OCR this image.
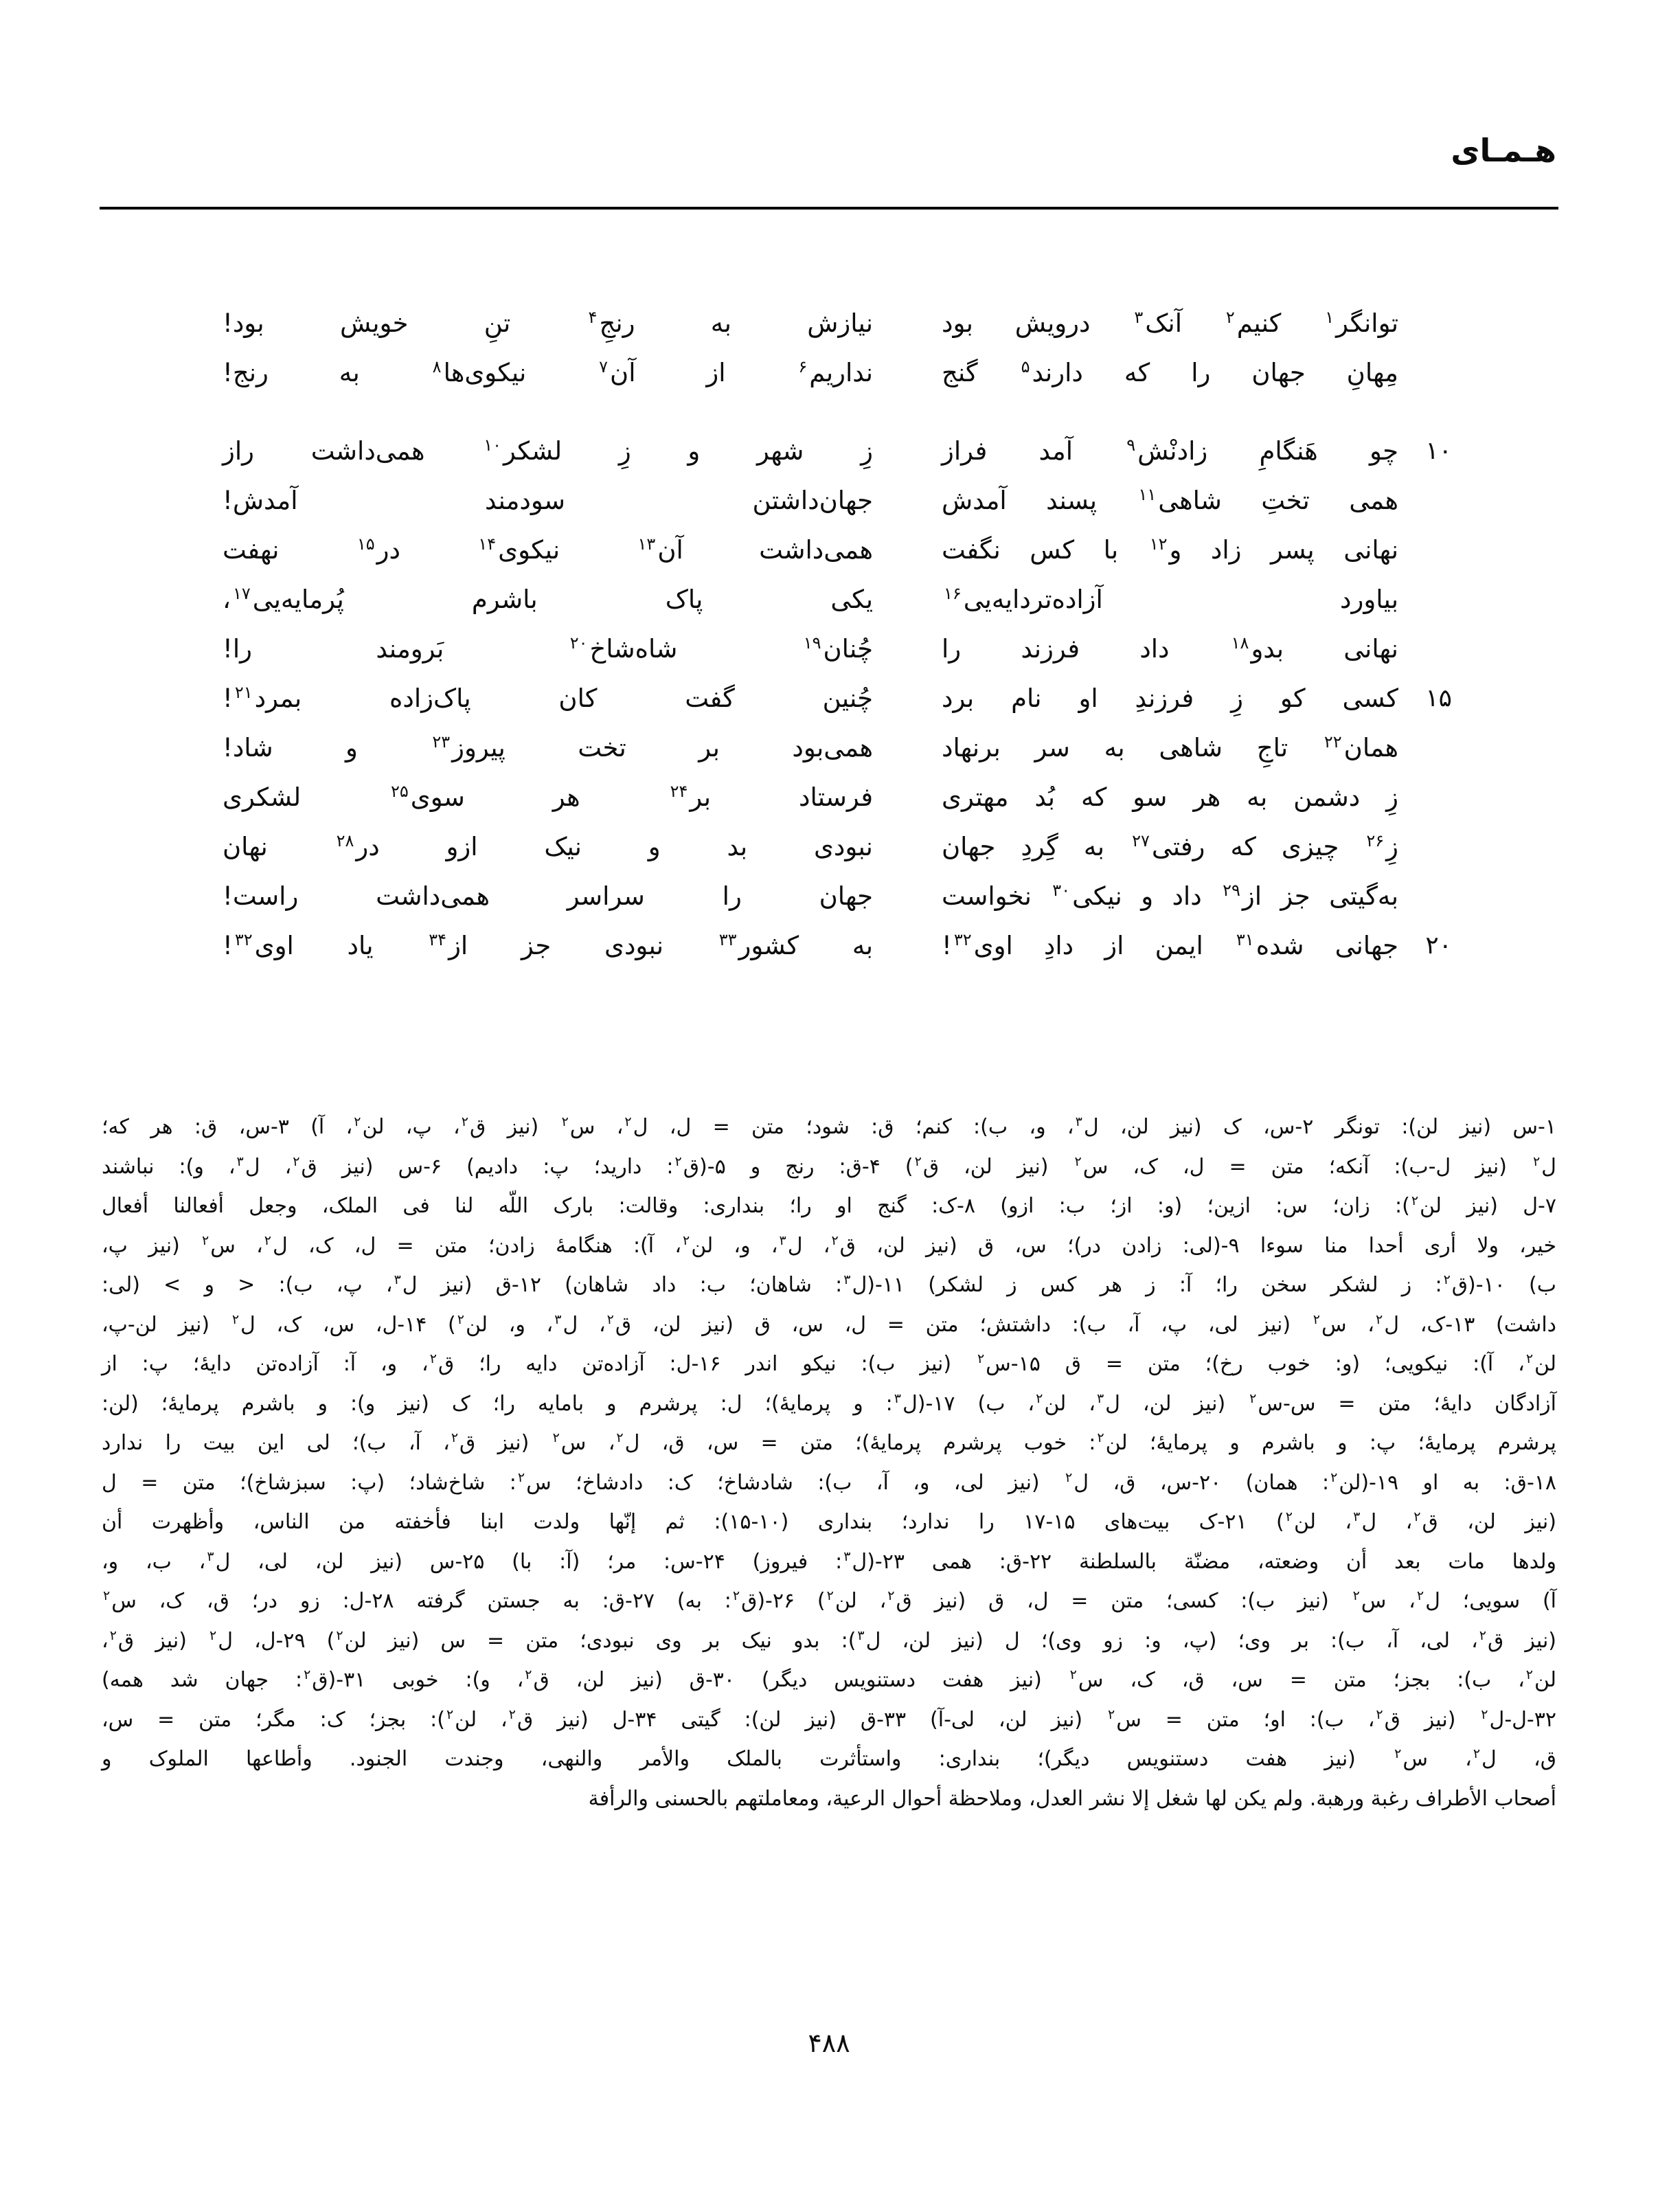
هـمـای
توانگر$^۱$ کنیم$^۲$ آنک$^۳$ درویش بود
نیازش به رنجِ$^۴$ تنِ خویش بود!
مِهانِ جهان را که دارند$^۵$ گنج
نداریم$^۶$ از آن$^۷$ نیکوی‌ها$^۸$ به رنج!
۱۰
چو هَنگامِ زادنْش$^۹$ آمد فراز
زِ شهر و زِ لشکر$^{۱۰}$ همی‌داشت راز
همی تختِ شاهی$^{۱۱}$ پسند آمدش
جهان‌داشتن سودمند آمدش!
نهانی پسر زاد و$^{۱۲}$ با کس نگفت
همی‌داشت آن$^{۱۳}$ نیکوی$^{۱۴}$ در$^{۱۵}$ نهفت
بیاورد آزاده‌تردایه‌یی$^{۱۶}$
یکی پاک باشرم پُرمایه‌یی$^{۱۷}$،
نهانی بدو$^{۱۸}$ داد فرزند را
چُنان$^{۱۹}$ شاه‌شاخ$^{۲۰}$ بَرومند را!
۱۵
کسی کو زِ فرزندِ او نام برد
چُنین گفت کان پاک‌زاده بمرد$^{۲۱}$!
همان$^{۲۲}$ تاجِ شاهی به سر برنهاد
همی‌بود بر تخت پیروز$^{۲۳}$ و شاد!
زِ دشمن به هر سو که بُد مهتری
فرستاد بر$^{۲۴}$ هر سوی$^{۲۵}$ لشکری
زِ$^{۲۶}$ چیزی که رفتی$^{۲۷}$ به گِردِ جهان
نبودی بد و نیک ازو در$^{۲۸}$ نهان
به‌گیتی جز از$^{۲۹}$ داد و نیکی$^{۳۰}$ نخواست
جهان را سراسر همی‌داشت راست!
۲۰
جهانی شده$^{۳۱}$ ایمن از دادِ اوی$^{۳۲}$!
به کشور$^{۳۳}$ نبودی جز از$^{۳۴}$ یاد اوی$^{۳۲}$!
۱-س (نیز لن): تونگر ۲-س، ک (نیز لن، ل$^۳$، و، ب): کنم؛ ق: شود؛ متن = ل، ل$^۲$، س$^۲$ (نیز ق$^۲$، پ، لن$^۲$، آ) ۳-س، ق: هر که؛
ل$^۲$ (نیز ل-ب): آنکه؛ متن = ل، ک، س$^۲$ (نیز لن، ق$^۲$) ۴-ق: رنج و ۵-(ق$^۲$: دارید؛ پ: دادیم) ۶-س (نیز ق$^۲$، ل$^۳$، و): نباشند
۷-ل (نیز لن$^۲$): زان؛ س: ازین؛ (و: از؛ ب: ازو) ۸-ک: گنج او را؛ بنداری: وقالت: بارک اللّه لنا فی الملک، وجعل أفعالنا أفعال
خیر، ولا أری أحدا منا سوءا ۹-(لی: زادن در)؛ س، ق (نیز لن، ق$^۲$، ل$^۳$، و، لن$^۲$، آ): هنگامهٔ زادن؛ متن = ل، ک، ل$^۲$، س$^۲$ (نیز پ،
ب) ۱۰-(ق$^۲$: ز لشکر سخن را؛ آ: ز هر کس ز لشکر) ۱۱-(ل$^۳$: شاهان؛ ب: داد شاهان) ۱۲-ق (نیز ل$^۳$، پ، ب): < و > (لی:
داشت) ۱۳-ک، ل$^۲$، س$^۲$ (نیز لی، پ، آ، ب): داشتش؛ متن = ل، س، ق (نیز لن، ق$^۲$، ل$^۳$، و، لن$^۲$) ۱۴-ل، س، ک، ل$^۲$ (نیز لن-پ،
لن$^۲$، آ): نیکویی؛ (و: خوب رخ)؛ متن = ق ۱۵-س$^۲$ (نیز ب): نیکو اندر ۱۶-ل: آزاده‌تن دایه را؛ ق$^۲$، و، آ: آزاده‌تن دایهٔ؛ پ: از
آزادگان دایهٔ؛ متن = س-س$^۲$ (نیز لن، ل$^۳$، لن$^۲$، ب) ۱۷-(ل$^۳$: و پرمایهٔ)؛ ل: پرشرم و بامایه را؛ ک (نیز و): و باشرم پرمایهٔ؛ (لن:
پرشرم پرمایهٔ؛ پ: و باشرم و پرمایهٔ؛ لن$^۲$: خوب پرشرم پرمایهٔ)؛ متن = س، ق، ل$^۲$، س$^۲$ (نیز ق$^۲$، آ، ب)؛ لی این بیت را ندارد
۱۸-ق: به او ۱۹-(لن$^۲$: همان) ۲۰-س، ق، ل$^۲$ (نیز لی، و، آ، ب): شادشاخ؛ ک: دادشاخ؛ س$^۲$: شاخ‌شاد؛ (پ: سبزشاخ)؛ متن = ل
(نیز لن، ق$^۲$، ل$^۳$، لن$^۲$) ۲۱-ک بیت‌های ۱۵-۱۷ را ندارد؛ بنداری (۱۰-۱۵): ثم إنّها ولدت ابنا فأخفته من الناس، وأظهرت أن
ولدها مات بعد أن وضعته، مضنّة بالسلطنة ۲۲-ق: همی ۲۳-(ل$^۳$: فیروز) ۲۴-س: مر؛ (آ: با) ۲۵-س (نیز لن، لی، ل$^۳$، ب، و،
آ) سویی؛ ل$^۲$، س$^۲$ (نیز ب): کسی؛ متن = ل، ق (نیز ق$^۲$، لن$^۲$) ۲۶-(ق$^۲$: به) ۲۷-ق: به جستن گرفته ۲۸-ل: زو در؛ ق، ک، س$^۲$
(نیز ق$^۲$، لی، آ، ب): بر وی؛ (پ، و: زو وی)؛ ل (نیز لن، ل$^۳$): بدو نیک بر وی نبودی؛ متن = س (نیز لن$^۲$) ۲۹-ل، ل$^۲$ (نیز ق$^۲$،
لن$^۲$، ب): بجز؛ متن = س، ق، ک، س$^۲$ (نیز هفت دستنویس دیگر) ۳۰-ق (نیز لن، ق$^۲$، و): خوبی ۳۱-(ق$^۲$: جهان شد همه)
۳۲-ل-ل$^۲$ (نیز ق$^۲$، ب): او؛ متن = س$^۲$ (نیز لن، لی-آ) ۳۳-ق (نیز لن): گیتی ۳۴-ل (نیز ق$^۲$، لن$^۲$): بجز؛ ک: مگر؛ متن = س،
ق، ل$^۲$، س$^۲$ (نیز هفت دستنویس دیگر)؛ بنداری: واستأثرت بالملک والأمر والنهی، وجندت الجنود. وأطاعها الملوک و
أصحاب الأطراف رغبة ورهبة. ولم یکن لها شغل إلا نشر العدل، وملاحظة أحوال الرعیة، ومعاملتهم بالحسنی والرأفة
۴۸۸
